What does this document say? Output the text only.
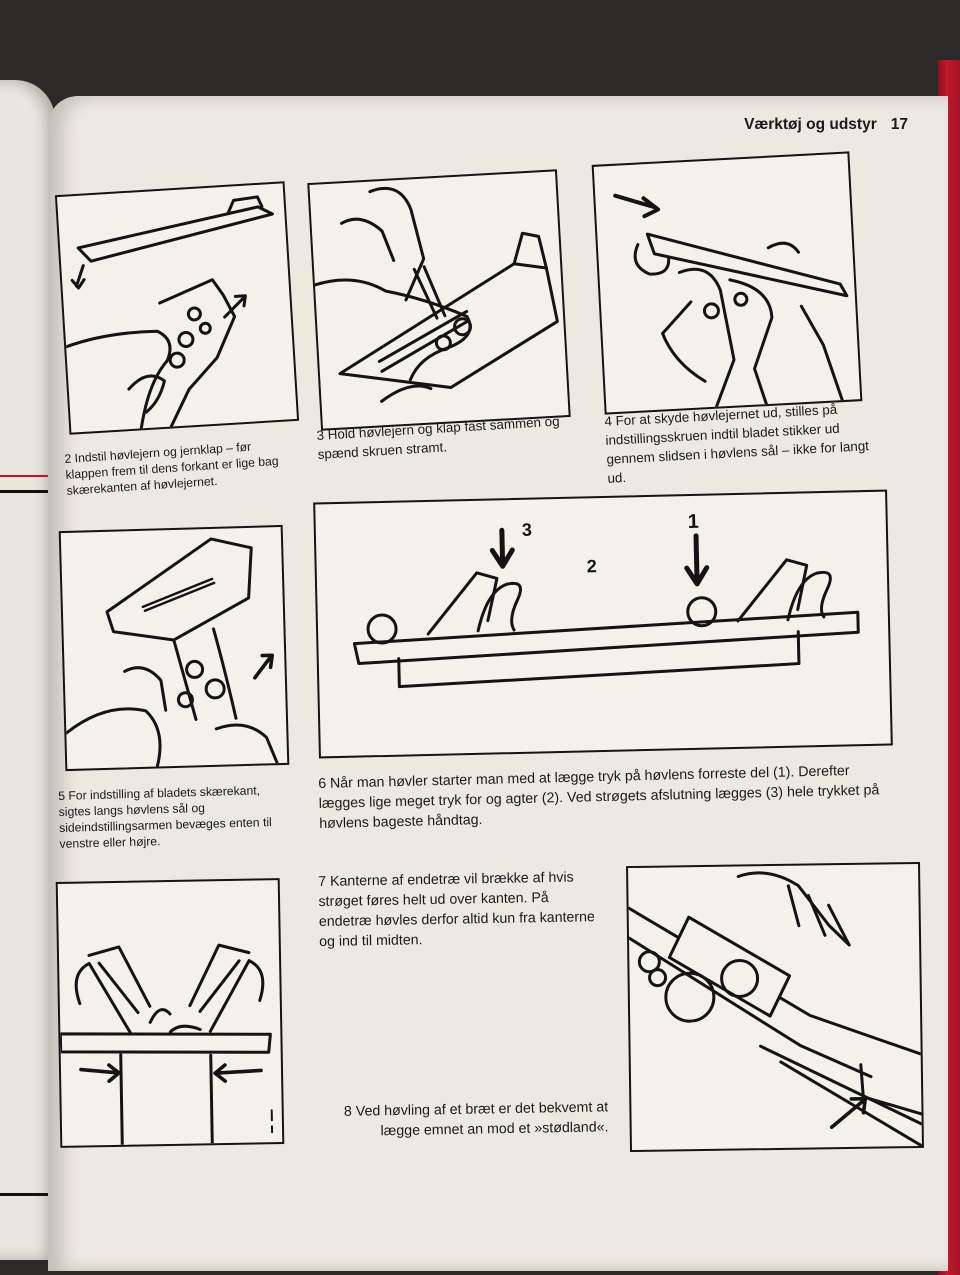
Værktøj og udstyr 17
2 Indstil høvlejern og jernklap – før klappen frem til dens forkant er lige bag skærekanten af høvlejernet.
3 Hold høvlejern og klap fast sammen og spænd skruen stramt.
4 For at skyde høvlejernet ud, stilles på indstillingsskruen indtil bladet stikker ud gennem slidsen i høvlens sål – ikke for langt ud.
5 For indstilling af bladets skærekant, sigtes langs høvlens sål og sideindstillingsarmen bevæges enten til venstre eller højre.
3
2
1
6 Når man høvler starter man med at lægge tryk på høvlens forreste del (1). Derefter lægges lige meget tryk for og agter (2). Ved strøgets afslutning lægges (3) hele trykket på høvlens bageste håndtag.
7 Kanterne af endetræ vil brække af hvis strøget føres helt ud over kanten. På endetræ høvles derfor altid kun fra kanterne og ind til midten.
8 Ved høvling af et bræt er det bekvemt at lægge emnet an mod et »stødland«.
